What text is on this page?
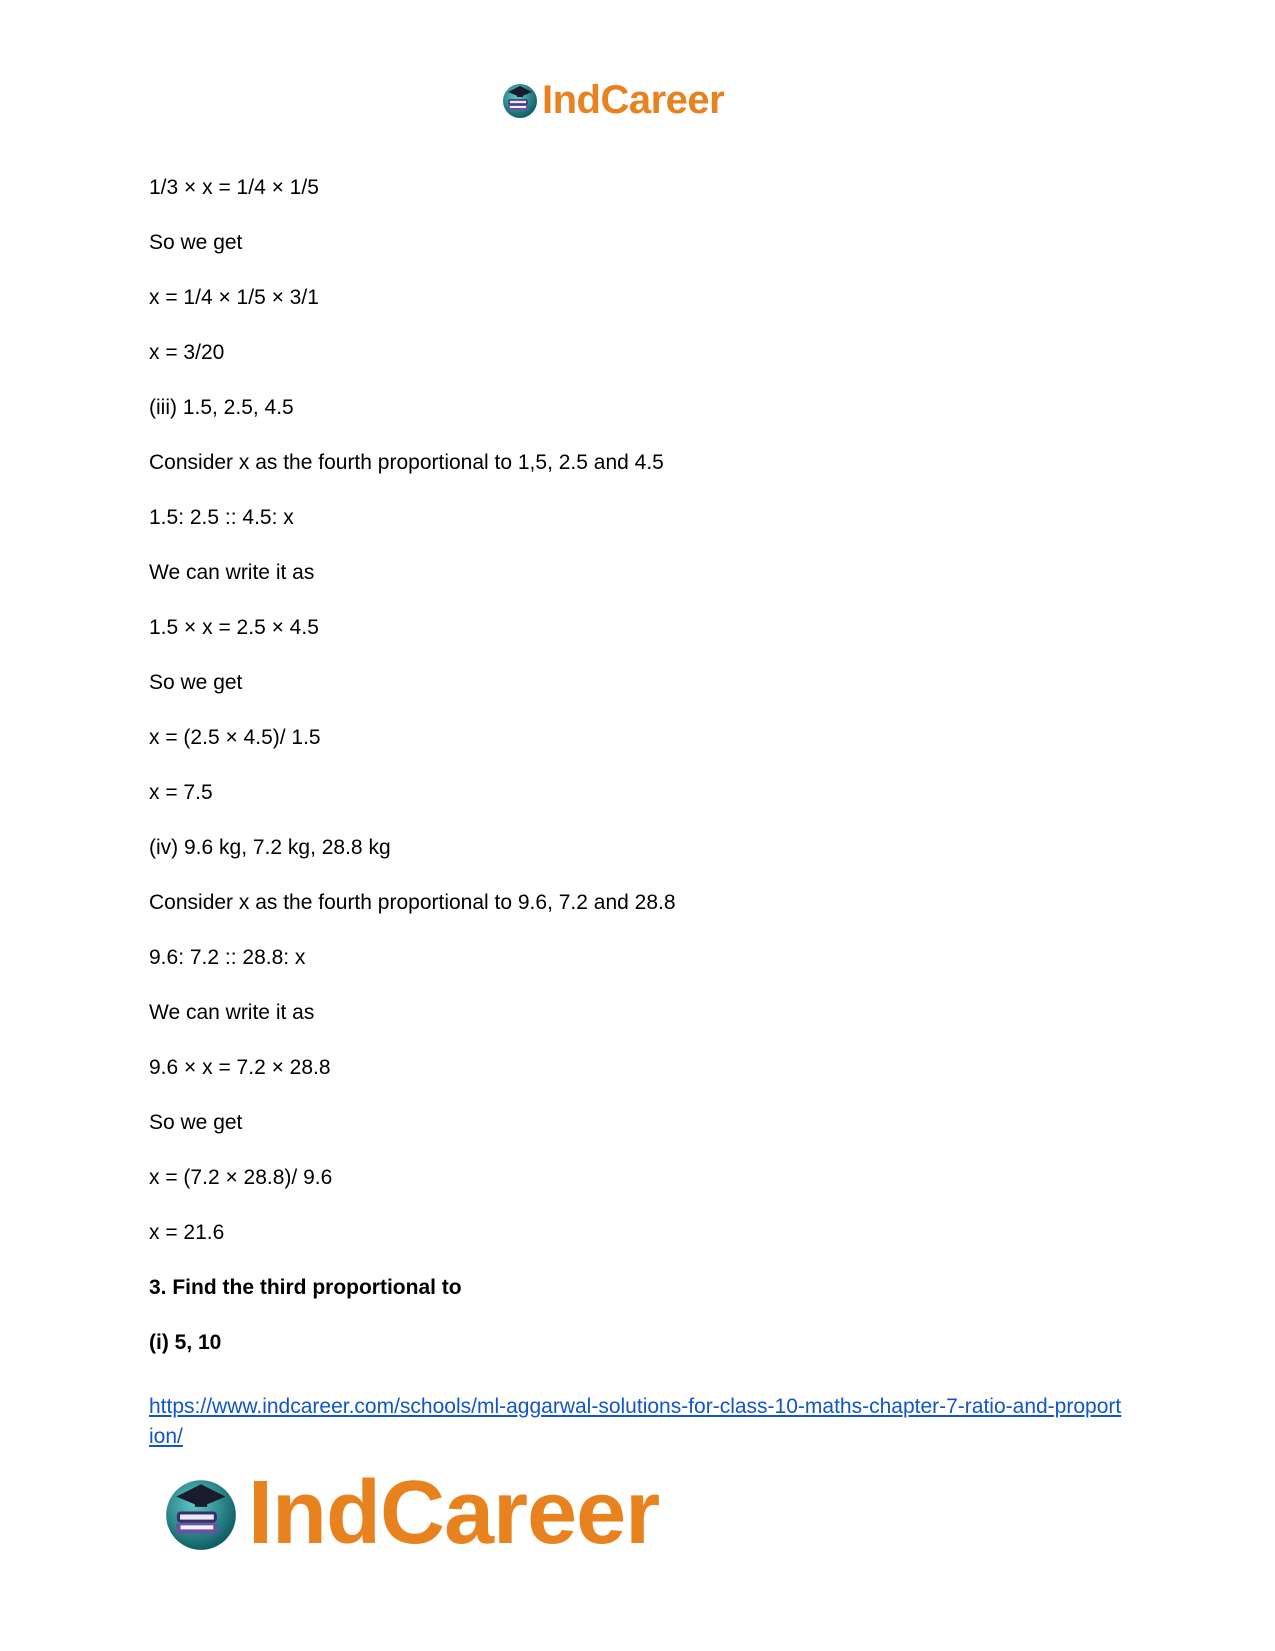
IndCareer
1/3 × x = 1/4 × 1/5
So we get
x = 1/4 × 1/5 × 3/1
x = 3/20
(iii) 1.5, 2.5, 4.5
Consider x as the fourth proportional to 1,5, 2.5 and 4.5
1.5: 2.5 :: 4.5: x
We can write it as
1.5 × x = 2.5 × 4.5
So we get
x = (2.5 × 4.5)/ 1.5
x = 7.5
(iv) 9.6 kg, 7.2 kg, 28.8 kg
Consider x as the fourth proportional to 9.6, 7.2 and 28.8
9.6: 7.2 :: 28.8: x
We can write it as
9.6 × x = 7.2 × 28.8
So we get
x = (7.2 × 28.8)/ 9.6
x = 21.6
3. Find the third proportional to
(i) 5, 10
https://www.indcareer.com/schools/ml-aggarwal-solutions-for-class-10-maths-chapter-7-ratio-and-proportion/
IndCareer
